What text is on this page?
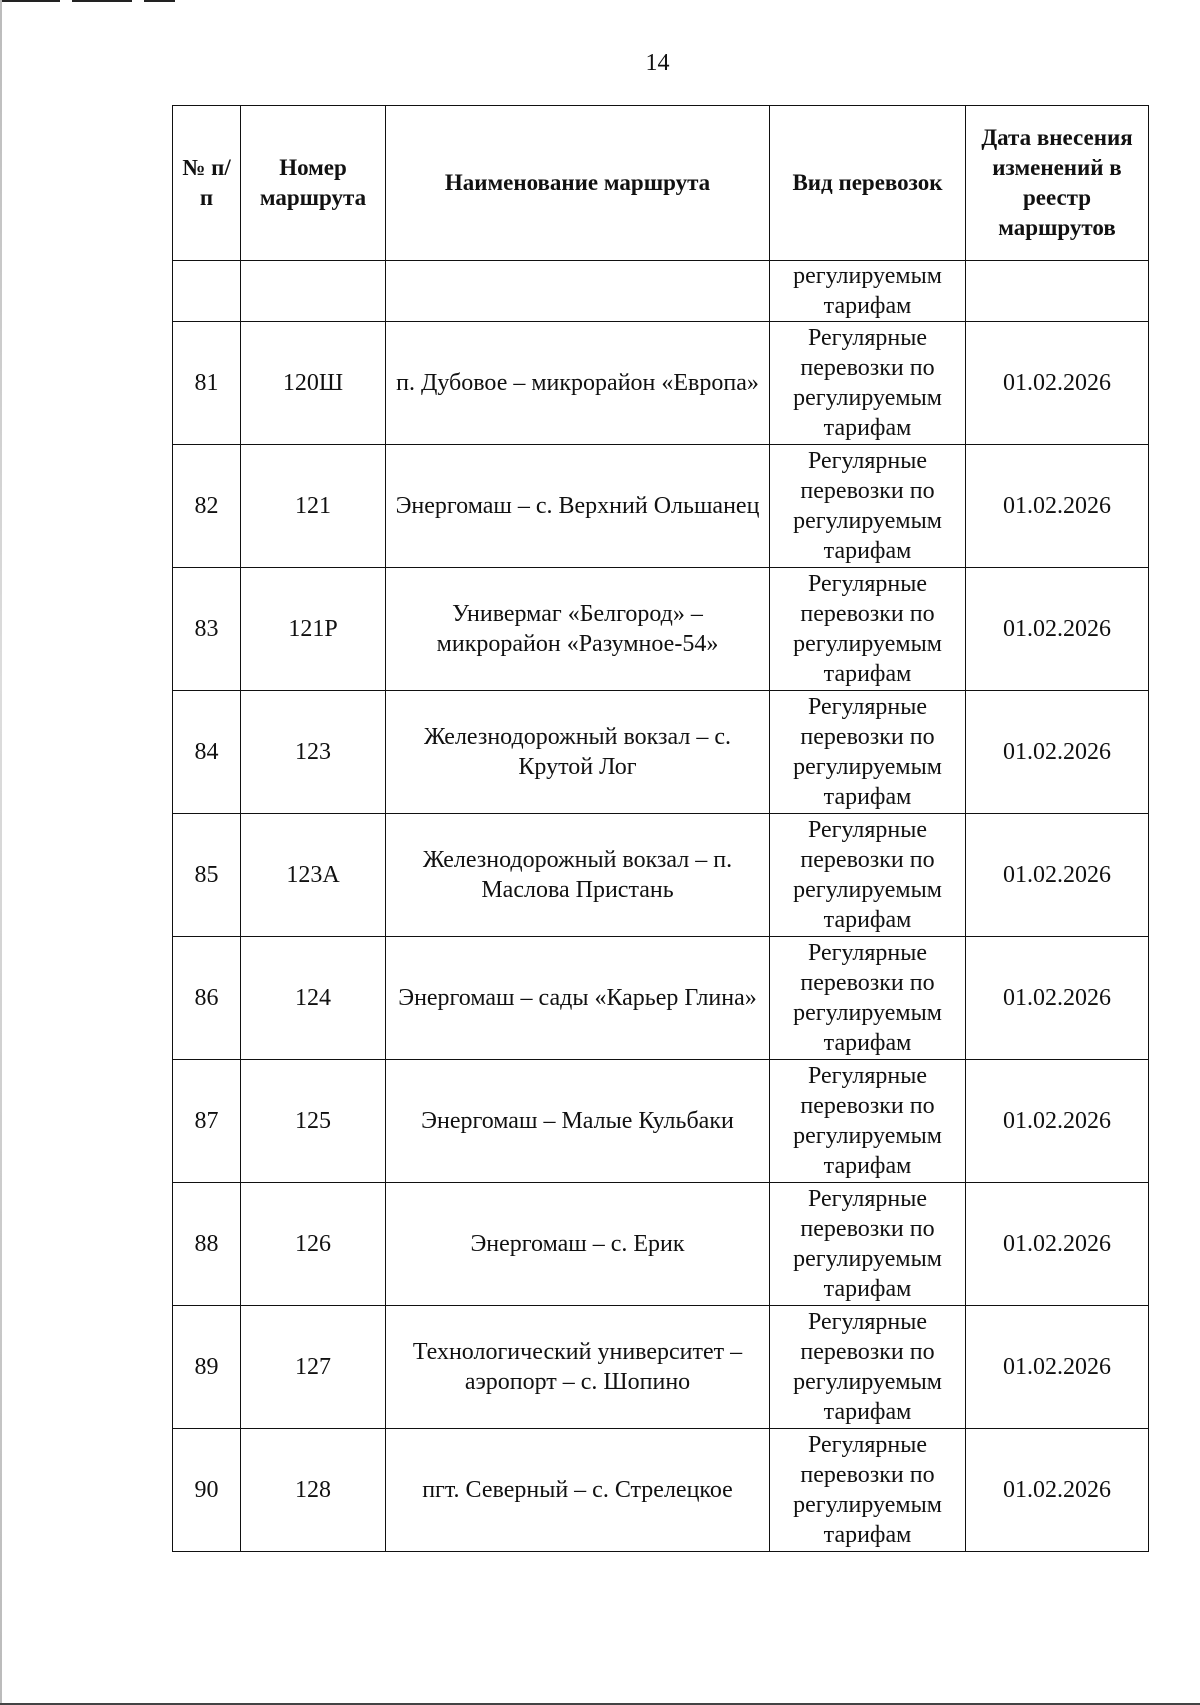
14
№ п/п	Номер маршрута	Наименование маршрута	Вид перевозок	Дата внесения изменений в реестр маршрутов
			регулируемым тарифам	
81	120Ш	п. Дубовое – микрорайон «Европа»	Регулярные перевозки по регулируемым тарифам	01.02.2026
82	121	Энергомаш – с. Верхний Ольшанец	Регулярные перевозки по регулируемым тарифам	01.02.2026
83	121Р	Универмаг «Белгород» – микрорайон «Разумное-54»	Регулярные перевозки по регулируемым тарифам	01.02.2026
84	123	Железнодорожный вокзал – с. Крутой Лог	Регулярные перевозки по регулируемым тарифам	01.02.2026
85	123А	Железнодорожный вокзал – п. Маслова Пристань	Регулярные перевозки по регулируемым тарифам	01.02.2026
86	124	Энергомаш – сады «Карьер Глина»	Регулярные перевозки по регулируемым тарифам	01.02.2026
87	125	Энергомаш – Малые Кульбаки	Регулярные перевозки по регулируемым тарифам	01.02.2026
88	126	Энергомаш – с. Ерик	Регулярные перевозки по регулируемым тарифам	01.02.2026
89	127	Технологический университет – аэропорт – с. Шопино	Регулярные перевозки по регулируемым тарифам	01.02.2026
90	128	пгт. Северный – с. Стрелецкое	Регулярные перевозки по регулируемым тарифам	01.02.2026
